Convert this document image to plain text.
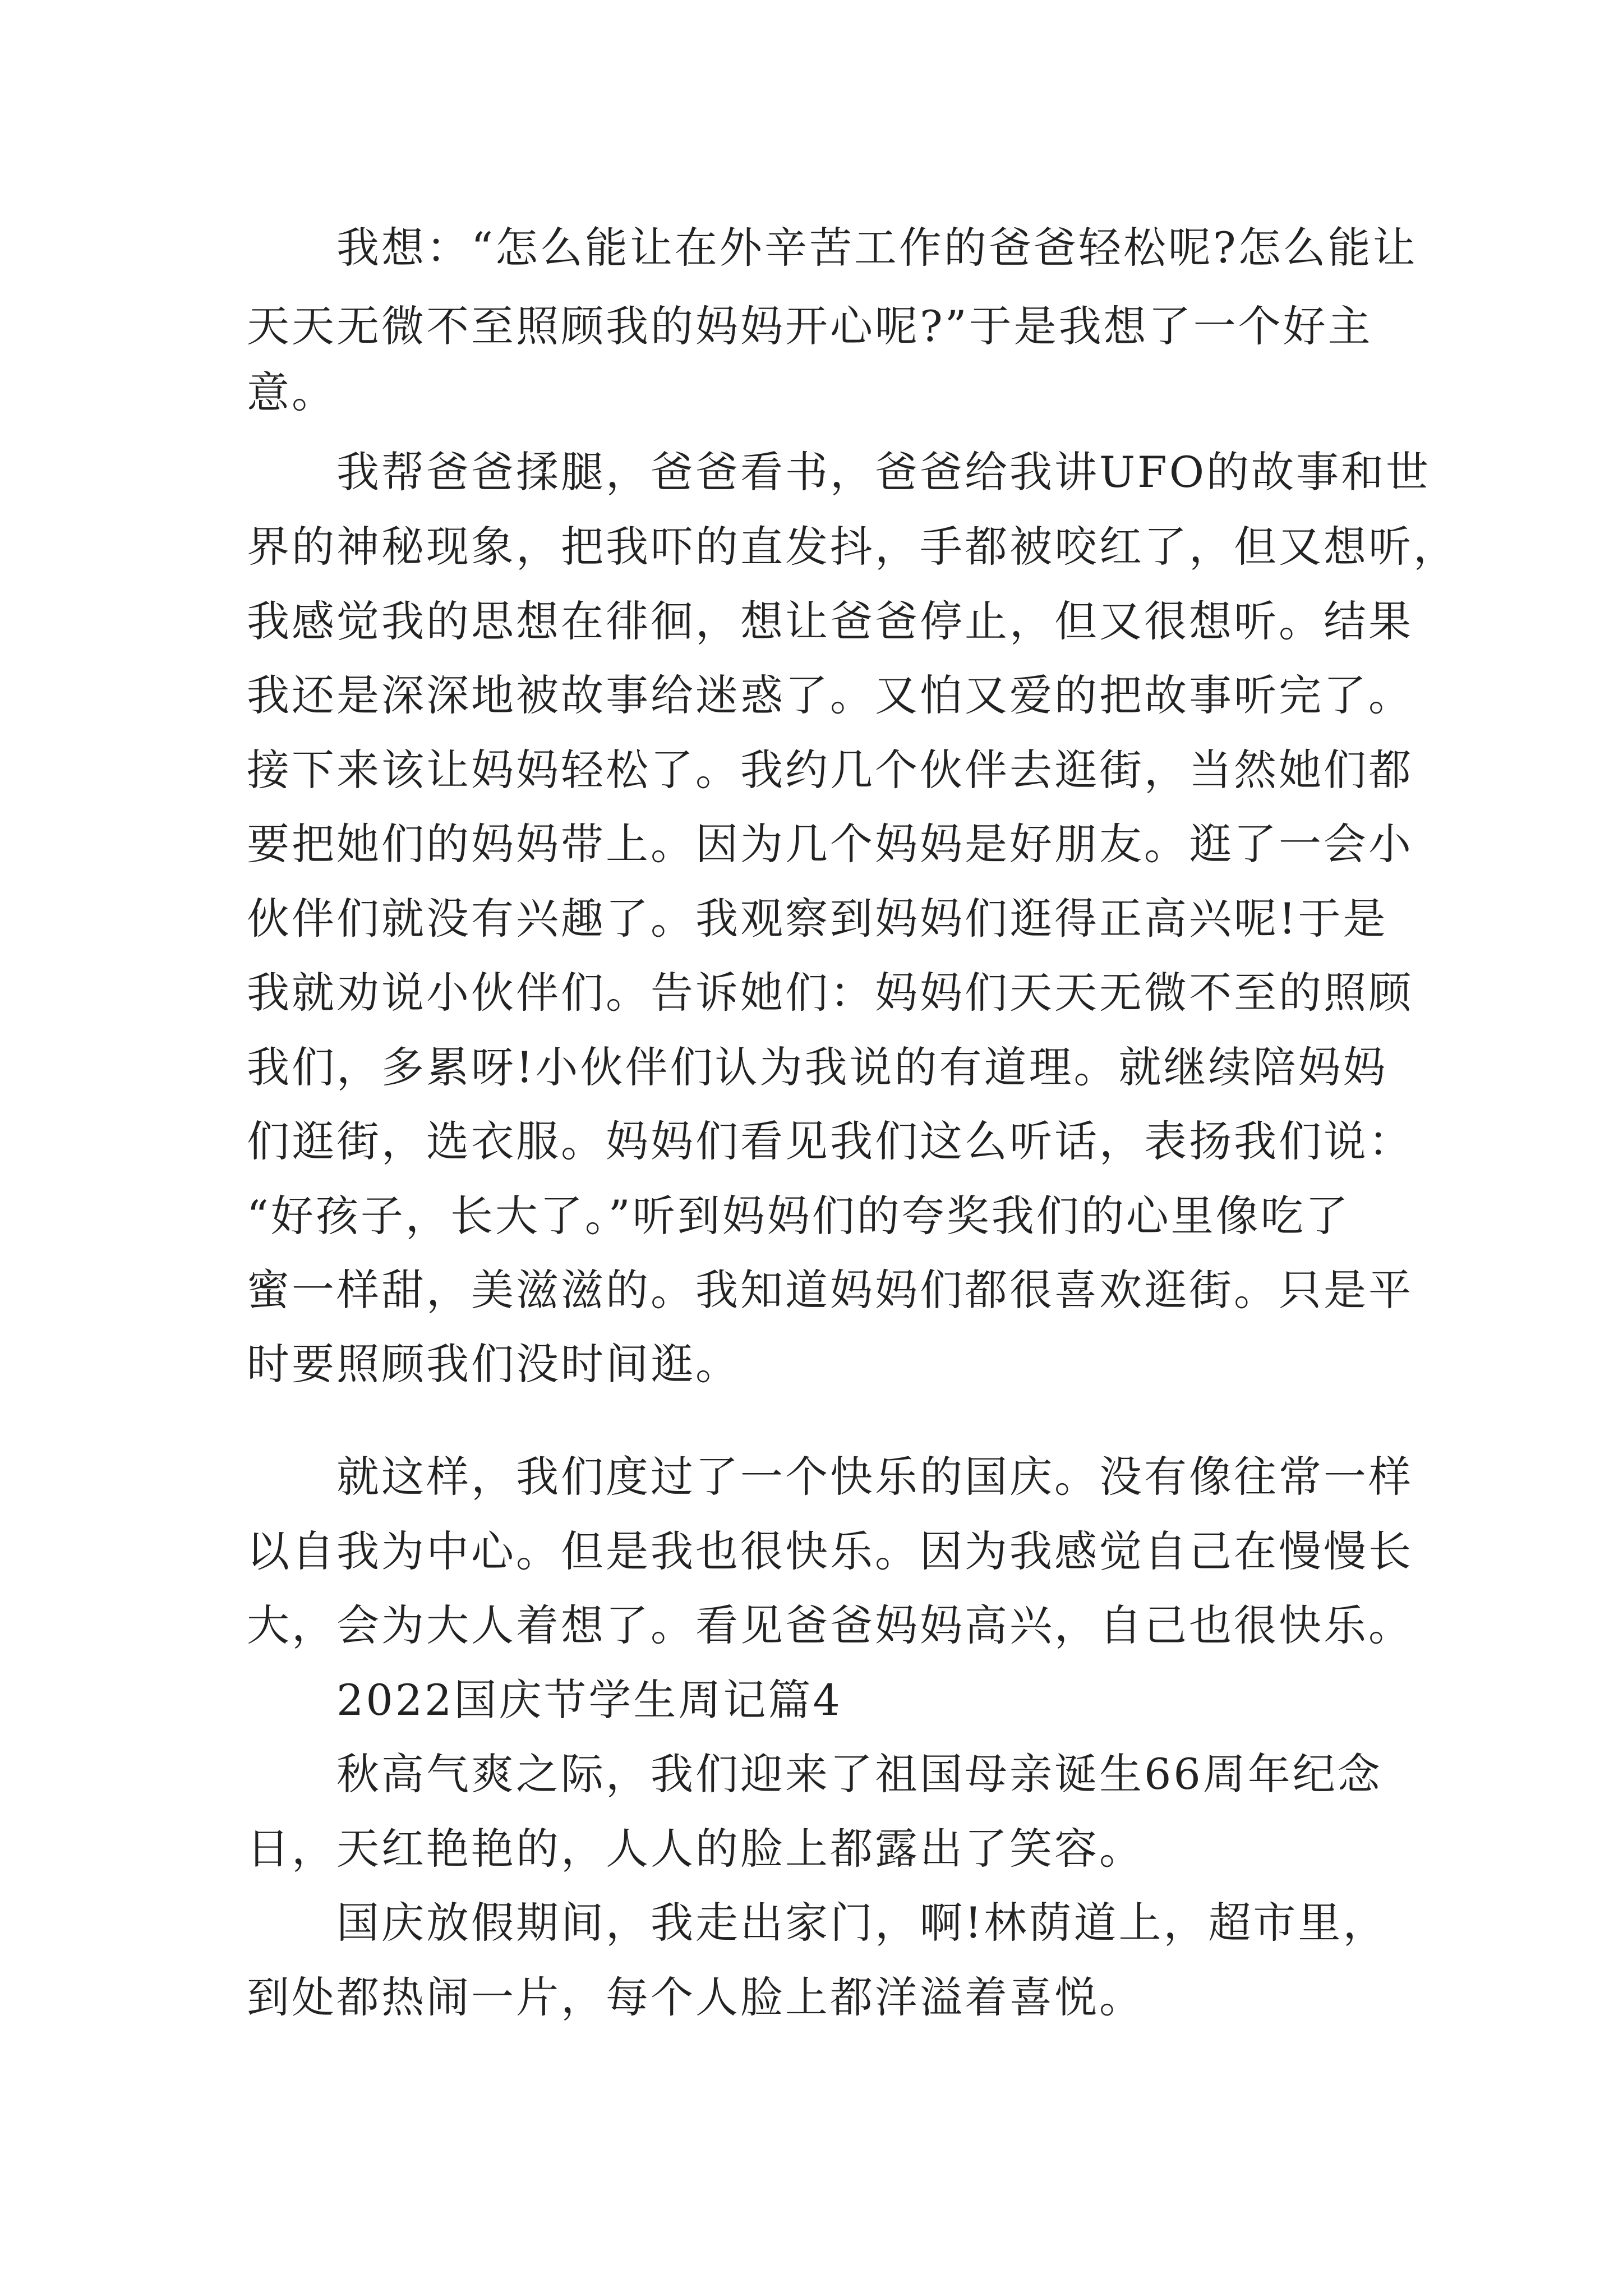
我想：“怎么能让在外辛苦工作的爸爸轻松呢?怎么能让
天天无微不至照顾我的妈妈开心呢?”于是我想了一个好主
意。
我帮爸爸揉腿，爸爸看书，爸爸给我讲UFO的故事和世
界的神秘现象，把我吓的直发抖，手都被咬红了，但又想听，
我感觉我的思想在徘徊，想让爸爸停止，但又很想听。结果
我还是深深地被故事给迷惑了。又怕又爱的把故事听完了。
接下来该让妈妈轻松了。我约几个伙伴去逛街，当然她们都
要把她们的妈妈带上。因为几个妈妈是好朋友。逛了一会小
伙伴们就没有兴趣了。我观察到妈妈们逛得正高兴呢!于是
我就劝说小伙伴们。告诉她们：妈妈们天天无微不至的照顾
我们，多累呀!小伙伴们认为我说的有道理。就继续陪妈妈
们逛街，选衣服。妈妈们看见我们这么听话，表扬我们说：
“好孩子，长大了。”听到妈妈们的夸奖我们的心里像吃了
蜜一样甜，美滋滋的。我知道妈妈们都很喜欢逛街。只是平
时要照顾我们没时间逛。
就这样，我们度过了一个快乐的国庆。没有像往常一样
以自我为中心。但是我也很快乐。因为我感觉自己在慢慢长
大，会为大人着想了。看见爸爸妈妈高兴，自己也很快乐。
2022国庆节学生周记篇4
秋高气爽之际，我们迎来了祖国母亲诞生66周年纪念
日，天红艳艳的，人人的脸上都露出了笑容。
国庆放假期间，我走出家门，啊!林荫道上，超市里，
到处都热闹一片，每个人脸上都洋溢着喜悦。
